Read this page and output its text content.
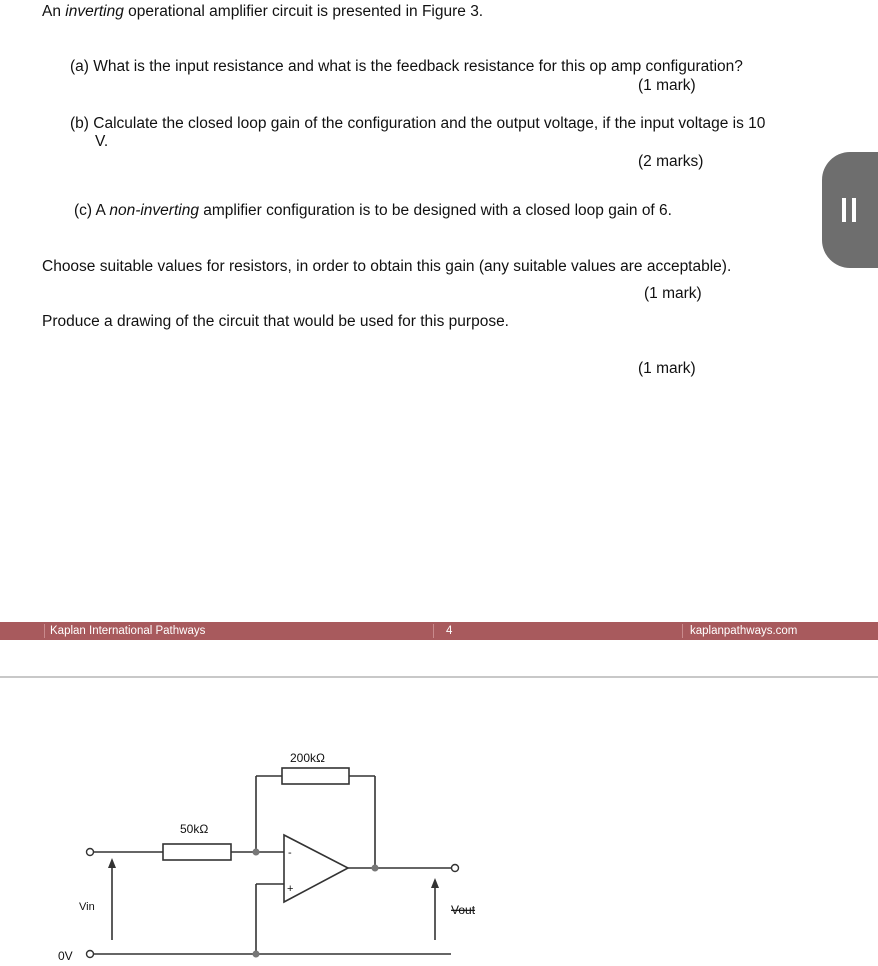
An inverting operational amplifier circuit is presented in Figure 3.
(a) What is the input resistance and what is the feedback resistance for this op amp configuration?
(1 mark)
(b) Calculate the closed loop gain of the configuration and the output voltage, if the input voltage is 10
V.
(2 marks)
(c) A non-inverting amplifier configuration is to be designed with a closed loop gain of 6.
Choose suitable values for resistors, in order to obtain this gain (any suitable values are acceptable).
(1 mark)
Produce a drawing of the circuit that would be used for this purpose.
(1 mark)
Kaplan International Pathways	4	kaplanpathways.com
200kΩ
50kΩ
-
+
Vin
0V
Vout
